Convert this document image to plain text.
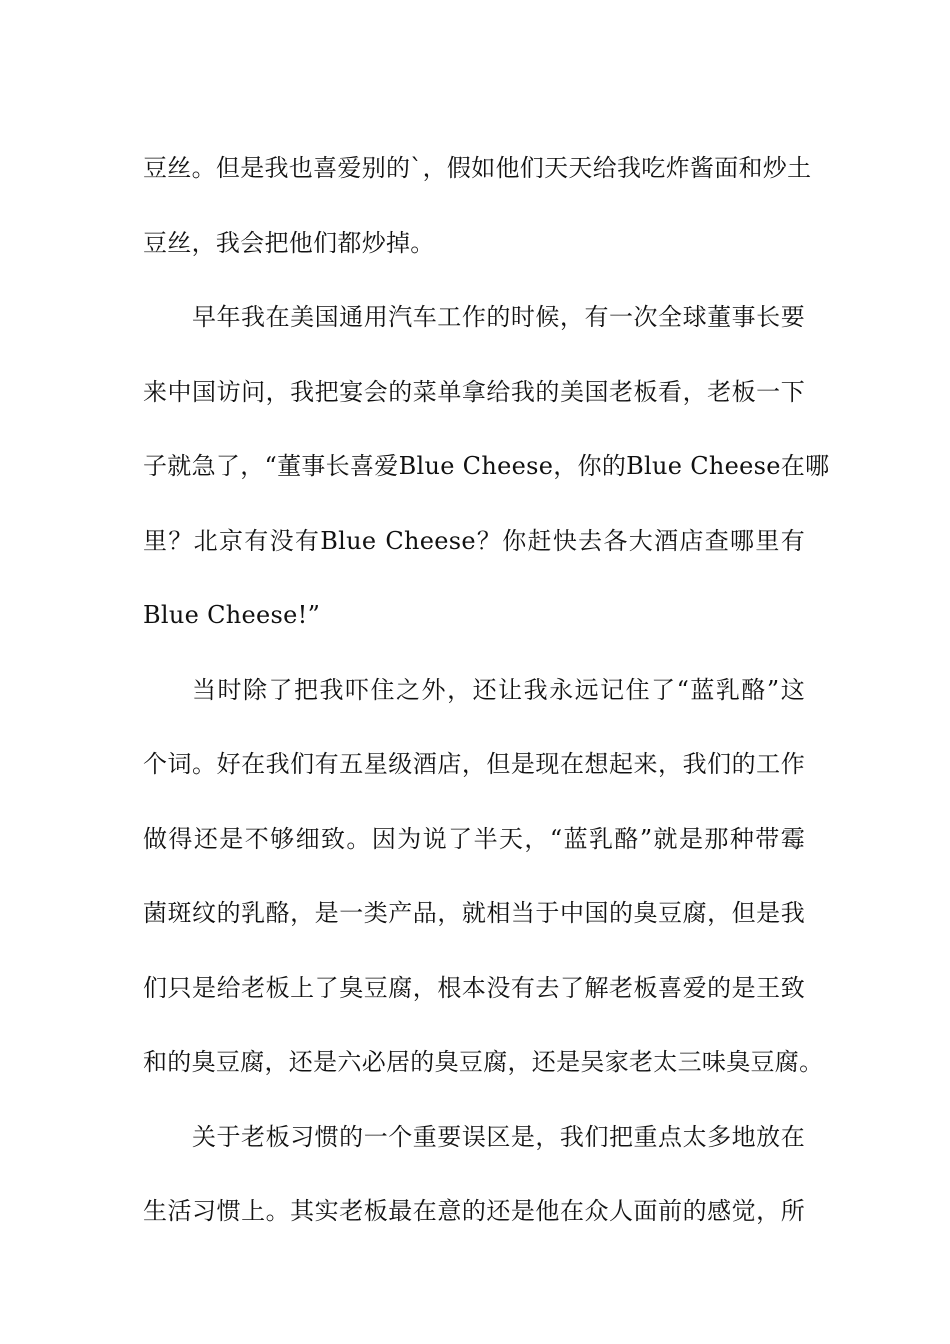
豆丝。但是我也喜爱别的`，假如他们天天给我吃炸酱面和炒土
豆丝，我会把他们都炒掉。
早年我在美国通用汽车工作的时候，有一次全球董事长要
来中国访问，我把宴会的菜单拿给我的美国老板看，老板一下
子就急了，“董事长喜爱Blue Cheese，你的Blue Cheese在哪
里？北京有没有Blue Cheese？你赶快去各大酒店查哪里有
Blue Cheese!”
当时除了把我吓住之外，还让我永远记住了“蓝乳酪”这
个词。好在我们有五星级酒店，但是现在想起来，我们的工作
做得还是不够细致。因为说了半天，“蓝乳酪”就是那种带霉
菌斑纹的乳酪，是一类产品，就相当于中国的臭豆腐，但是我
们只是给老板上了臭豆腐，根本没有去了解老板喜爱的是王致
和的臭豆腐，还是六必居的臭豆腐，还是吴家老太三味臭豆腐。
关于老板习惯的一个重要误区是，我们把重点太多地放在
生活习惯上。其实老板最在意的还是他在众人面前的感觉，所
